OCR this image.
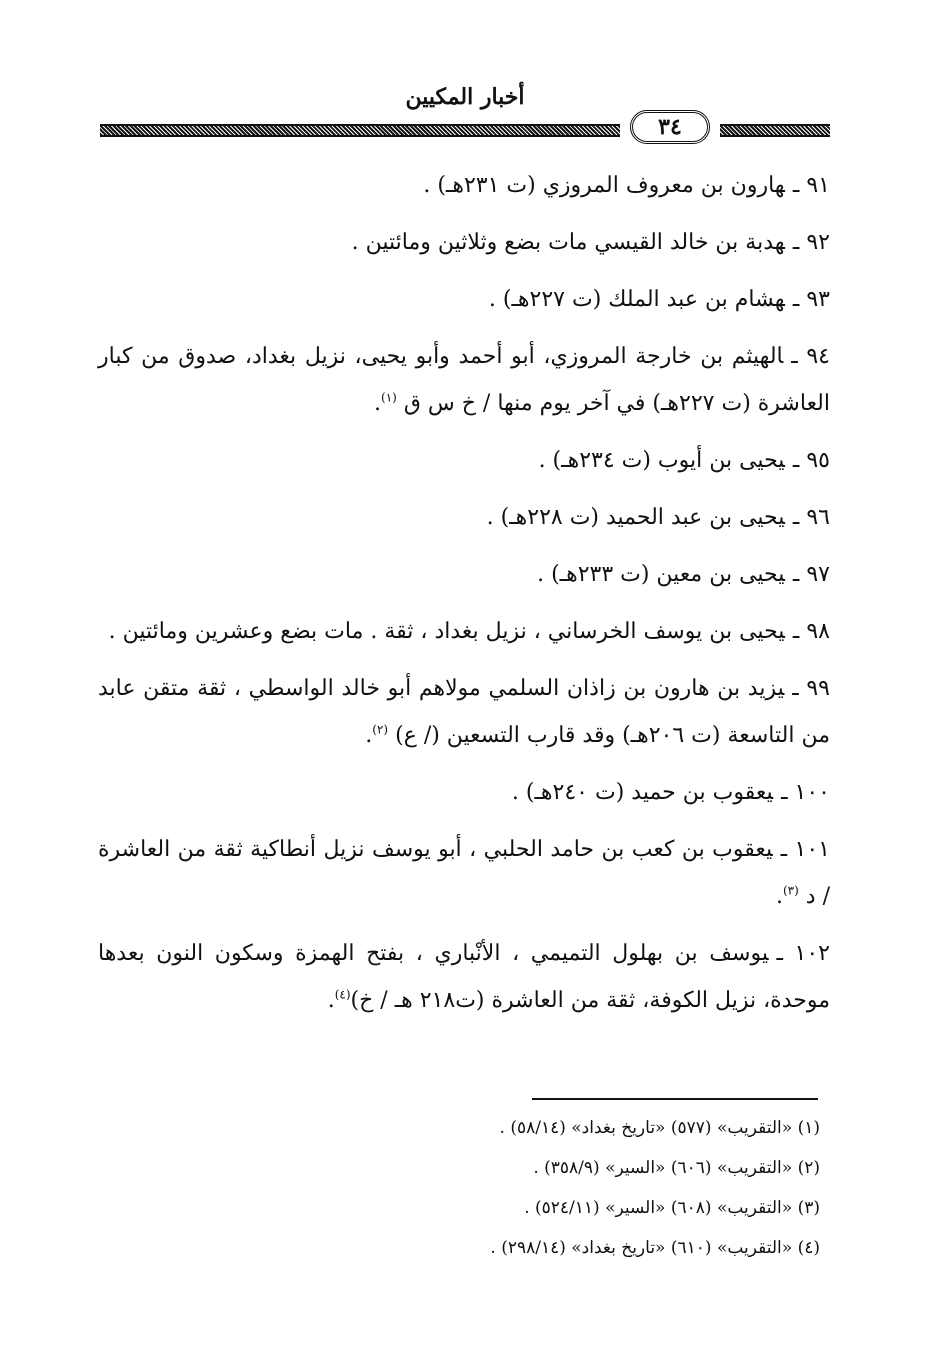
أخبار المكيين
٣٤

٩١ ـهارون بن معروف المروزي (ت ٢٣١هـ) .

٩٢ ـهدبة بن خالد القيسي مات بضع وثلاثين ومائتين .

٩٣ ـهشام بن عبد الملك (ت ٢٢٧هـ) .

٩٤ ـالهيثم بن خارجة المروزي، أبو أحمد وأبو يحيى، نزيل بغداد، صدوق من كبار العاشرة (ت ٢٢٧هـ) في آخر يوم منها / خ س ق $^{(١)}$.

٩٥ ـيحيى بن أيوب (ت ٢٣٤هـ) .

٩٦ ـيحيى بن عبد الحميد (ت ٢٢٨هـ) .

٩٧ ـيحيى بن معين (ت ٢٣٣هـ) .

٩٨ ـيحيى بن يوسف الخرساني ، نزيل بغداد ، ثقة . مات بضع وعشرين ومائتين .

٩٩ ـيزيد بن هارون بن زاذان السلمي مولاهم أبو خالد الواسطي ، ثقة متقن عابد من التاسعة (ت ٢٠٦هـ) وقد قارب التسعين (/ ع) $^{(٢)}$.

١٠٠ ـيعقوب بن حميد (ت ٢٤٠هـ) .

١٠١ ـيعقوب بن كعب بن حامد الحلبي ، أبو يوسف نزيل أنطاكية ثقة من العاشرة / د $^{(٣)}$.

١٠٢ ـيوسف بن بهلول التميمي ، الأنْباري ، بفتح الهمزة وسكون النون بعدها موحدة، نزيل الكوفة، ثقة من العاشرة (ت٢١٨ هـ / خ)$^{(٤)}$.

(١) «التقريب» (٥٧٧) «تاريخ بغداد» (٥٨/١٤) .

(٢) «التقريب» (٦٠٦) «السير» (٣٥٨/٩) .

(٣) «التقريب» (٦٠٨) «السير» (٥٢٤/١١) .

(٤) «التقريب» (٦١٠) «تاريخ بغداد» (٢٩٨/١٤) .
